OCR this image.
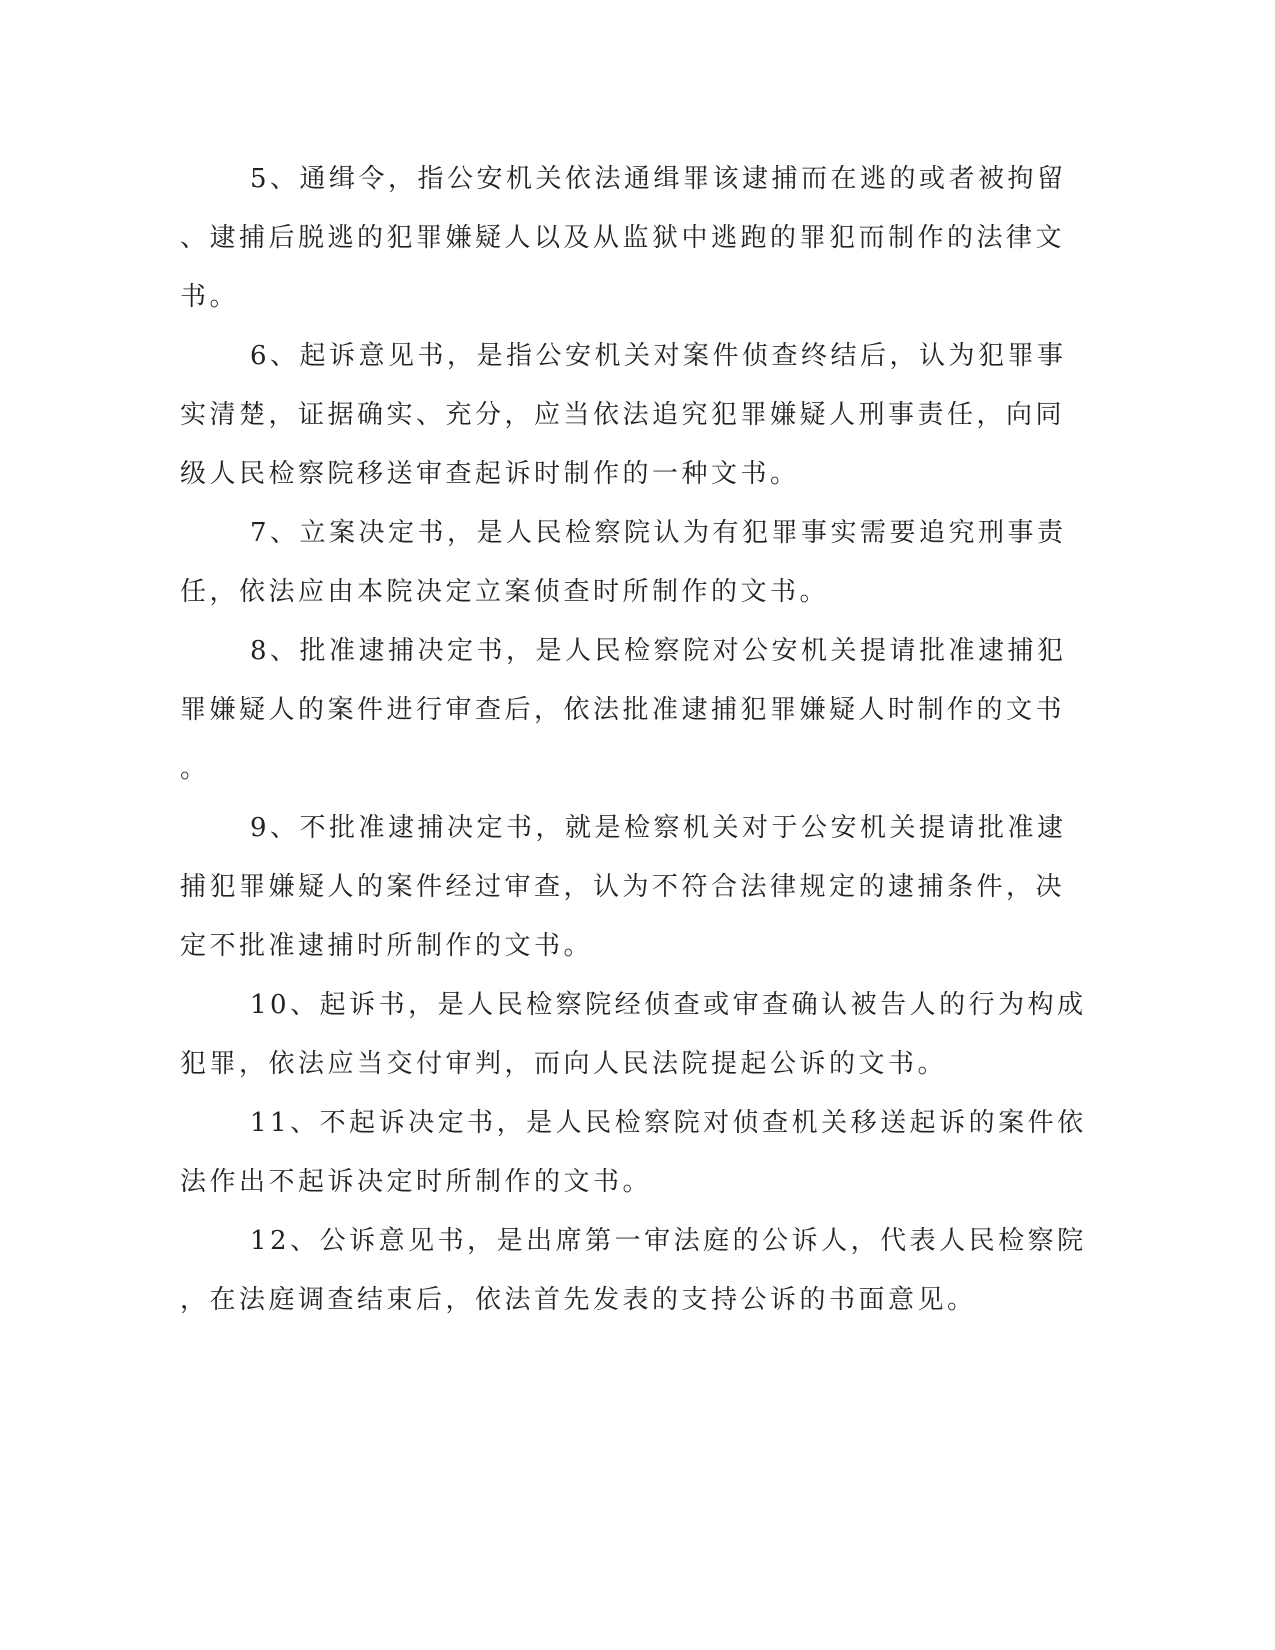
5、通缉令，指公安机关依法通缉罪该逮捕而在逃的或者被拘留
、逮捕后脱逃的犯罪嫌疑人以及从监狱中逃跑的罪犯而制作的法律文
书。

6、起诉意见书，是指公安机关对案件侦查终结后，认为犯罪事
实清楚，证据确实、充分，应当依法追究犯罪嫌疑人刑事责任，向同
级人民检察院移送审查起诉时制作的一种文书。

7、立案决定书，是人民检察院认为有犯罪事实需要追究刑事责
任，依法应由本院决定立案侦查时所制作的文书。

8、批准逮捕决定书，是人民检察院对公安机关提请批准逮捕犯
罪嫌疑人的案件进行审查后，依法批准逮捕犯罪嫌疑人时制作的文书
。

9、不批准逮捕决定书，就是检察机关对于公安机关提请批准逮
捕犯罪嫌疑人的案件经过审查，认为不符合法律规定的逮捕条件，决
定不批准逮捕时所制作的文书。

10、起诉书，是人民检察院经侦查或审查确认被告人的行为构成
犯罪，依法应当交付审判，而向人民法院提起公诉的文书。

11、不起诉决定书，是人民检察院对侦查机关移送起诉的案件依
法作出不起诉决定时所制作的文书。

12、公诉意见书，是出席第一审法庭的公诉人，代表人民检察院
，在法庭调查结束后，依法首先发表的支持公诉的书面意见。
